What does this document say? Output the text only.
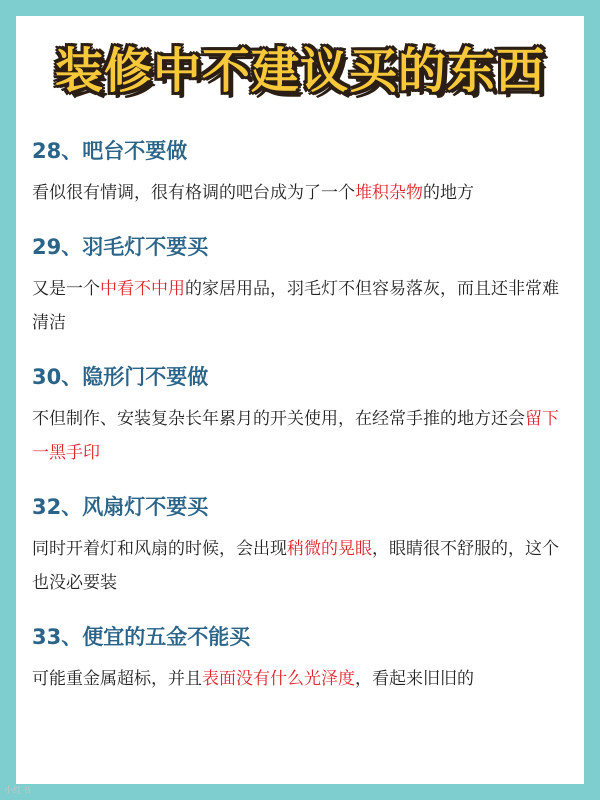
装修中不建议买的东西
28、吧台不要做
看似很有情调，很有格调的吧台成为了一个堆积杂物的地方
29、羽毛灯不要买
又是一个中看不中用的家居用品，羽毛灯不但容易落灰，而且还非常难清洁
30、隐形门不要做
不但制作、安装复杂长年累月的开关使用，在经常手推的地方还会留下一黑手印
32、风扇灯不要买
同时开着灯和风扇的时候，会出现稍微的晃眼，眼睛很不舒服的，这个也没必要装
33、便宜的五金不能买
可能重金属超标，并且表面没有什么光泽度，看起来旧旧的
小红书
